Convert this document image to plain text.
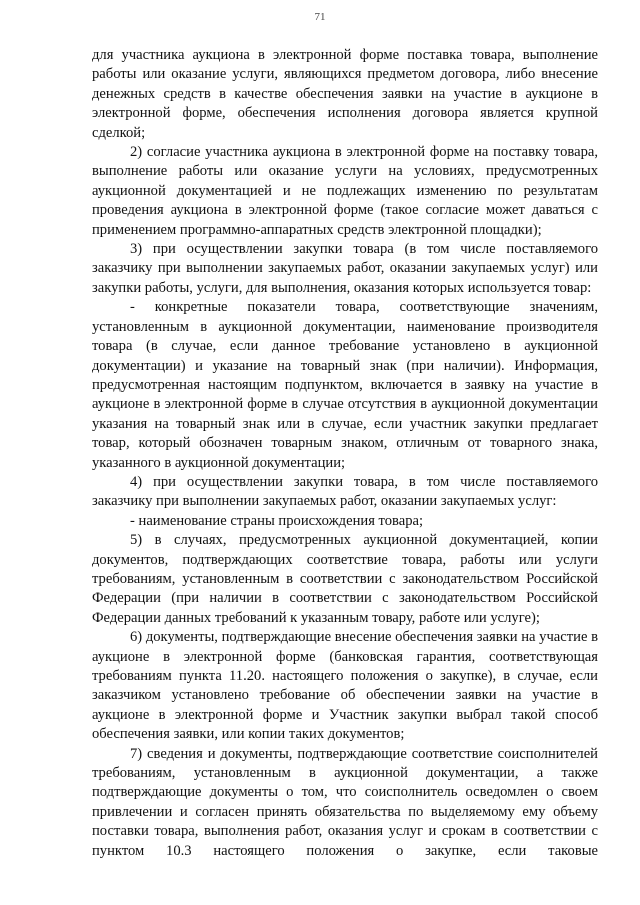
71

для участника аукциона в электронной форме поставка товара, выполнение работы или оказание услуги, являющихся предметом договора, либо внесение денежных средств в качестве обеспечения заявки на участие в аукционе в электронной форме, обеспечения исполнения договора является крупной сделкой;

2) согласие участника аукциона в электронной форме на поставку товара, выполнение работы или оказание услуги на условиях, предусмотренных аукционной документацией и не подлежащих изменению по результатам проведения аукциона в электронной форме (такое согласие может даваться с применением программно-аппаратных средств электронной площадки);

3) при осуществлении закупки товара (в том числе поставляемого заказчику при выполнении закупаемых работ, оказании закупаемых услуг) или закупки работы, услуги, для выполнения, оказания которых используется товар:

- конкретные показатели товара, соответствующие значениям, установленным в аукционной документации, наименование производителя товара (в случае, если данное требование установлено в аукционной документации) и указание на товарный знак (при наличии). Информация, предусмотренная настоящим подпунктом, включается в заявку на участие в аукционе в электронной форме в случае отсутствия в аукционной документации указания на товарный знак или в случае, если участник закупки предлагает товар, который обозначен товарным знаком, отличным от товарного знака, указанного в аукционной документации;

4) при осуществлении закупки товара, в том числе поставляемого заказчику при выполнении закупаемых работ, оказании закупаемых услуг:

- наименование страны происхождения товара;

5) в случаях, предусмотренных аукционной документацией, копии документов, подтверждающих соответствие товара, работы или услуги требованиям, установленным в соответствии с законодательством Российской Федерации (при наличии в соответствии с законодательством Российской Федерации данных требований к указанным товару, работе или услуге);

6) документы, подтверждающие внесение обеспечения заявки на участие в аукционе в электронной форме (банковская гарантия, соответствующая требованиям пункта 11.20. настоящего положения о закупке), в случае, если заказчиком установлено требование об обеспечении заявки на участие в аукционе в электронной форме и Участник закупки выбрал такой способ обеспечения заявки, или копии таких документов;

7) сведения и документы, подтверждающие соответствие соисполнителей требованиям, установленным в аукционной документации, а также подтверждающие документы о том, что соисполнитель осведомлен о своем привлечении и согласен принять обязательства по выделяемому ему объему поставки товара, выполнения работ, оказания услуг и срокам в соответствии с пунктом 10.3 настоящего положения о закупке, если таковые
